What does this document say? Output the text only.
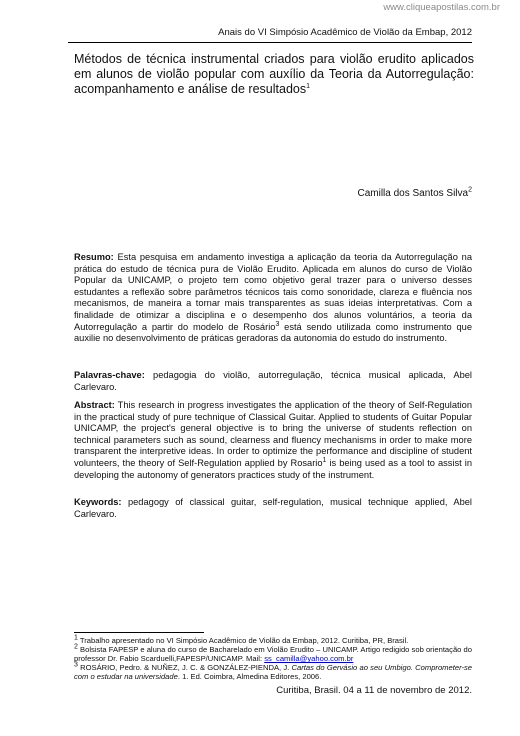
www.cliqueapostilas.com.br
Anais do VI Simpósio Acadêmico de Violão da Embap, 2012
Métodos de técnica instrumental criados para violão erudito aplicados em alunos de violão popular com auxílio da Teoria da Autorregulação: acompanhamento e análise de resultados$^1$
Camilla dos Santos Silva$^2$
Resumo: Esta pesquisa em andamento investiga a aplicação da teoria da Autorregulação na prática do estudo de técnica pura de Violão Erudito. Aplicada em alunos do curso de Violão Popular da UNICAMP, o projeto tem como objetivo geral trazer para o universo desses estudantes a reflexão sobre parâmetros técnicos tais como sonoridade, clareza e fluência nos mecanismos, de maneira a tornar mais transparentes as suas ideias interpretativas. Com a finalidade de otimizar a disciplina e o desempenho dos alunos voluntários, a teoria da Autorregulação a partir do modelo de Rosário$^3$ está sendo utilizada como instrumento que auxilie no desenvolvimento de práticas geradoras da autonomia do estudo do instrumento.
Palavras-chave: pedagogia do violão, autorregulação, técnica musical aplicada, Abel Carlevaro.
Abstract: This research in progress investigates the application of the theory of Self-Regulation in the practical study of pure technique of Classical Guitar. Applied to students of Guitar Popular UNICAMP, the project's general objective is to bring the universe of students reflection on technical parameters such as sound, clearness and fluency mechanisms in order to make more transparent the interpretive ideas. In order to optimize the performance and discipline of student volunteers, the theory of Self-Regulation applied by Rosario$^1$ is being used as a tool to assist in developing the autonomy of generators practices study of the instrument.
Keywords: pedagogy of classical guitar, self-regulation, musical technique applied, Abel Carlevaro.

$^1$ Trabalho apresentado no VI Simpósio Acadêmico de Violão da Embap, 2012. Curitiba, PR, Brasil.

$^2$ Bolsista FAPESP e aluna do curso de Bacharelado em Violão Erudito – UNICAMP. Artigo redigido sob orientação do professor Dr. Fabio Scarduelli,FAPESP/UNICAMP. Mail: ss_camilla@yahoo.com.br

$^3$ ROSÁRIO, Pedro. & NUÑEZ, J. C. & GONZÁLEZ-PIENDA, J. Cartas do Gervásio ao seu Umbigo. Comprometer-se com o estudar na universidade. 1. Ed. Coimbra, Almedina Editores, 2006.

Curitiba, Brasil. 04 a 11 de novembro de 2012.
